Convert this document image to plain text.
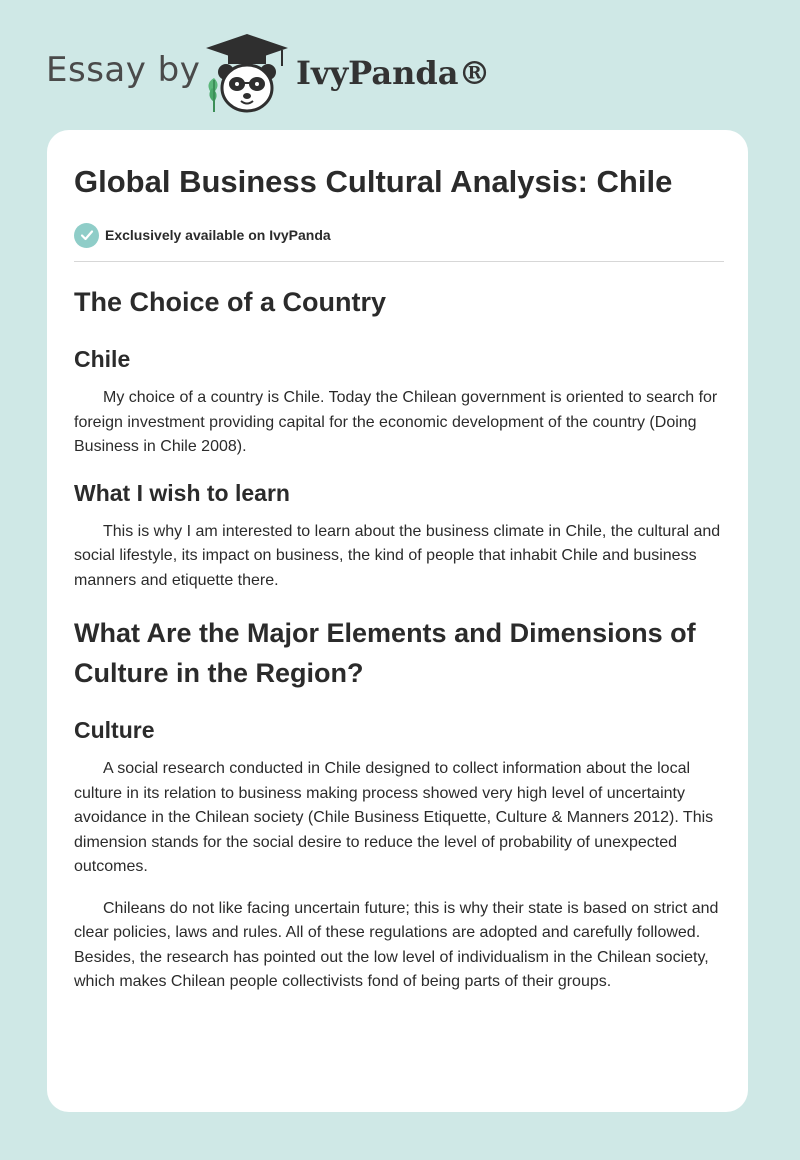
Essay by	IvyPanda®
Global Business Cultural Analysis: Chile
Exclusively available on IvyPanda
The Choice of a Country
Chile

My choice of a country is Chile. Today the Chilean government is oriented to search for foreign investment providing capital for the economic development of the country (Doing Business in Chile 2008).

What I wish to learn

This is why I am interested to learn about the business climate in Chile, the cultural and social lifestyle, its impact on business, the kind of people that inhabit Chile and business manners and etiquette there.

What Are the Major Elements and Dimensions of Culture in the Region?
Culture

A social research conducted in Chile designed to collect information about the local culture in its relation to business making process showed very high level of uncertainty avoidance in the Chilean society (Chile Business Etiquette, Culture & Manners 2012). This dimension stands for the social desire to reduce the level of probability of unexpected outcomes.

Chileans do not like facing uncertain future; this is why their state is based on strict and clear policies, laws and rules. All of these regulations are adopted and carefully followed. Besides, the research has pointed out the low level of individualism in the Chilean society, which makes Chilean people collectivists fond of being parts of their groups.
